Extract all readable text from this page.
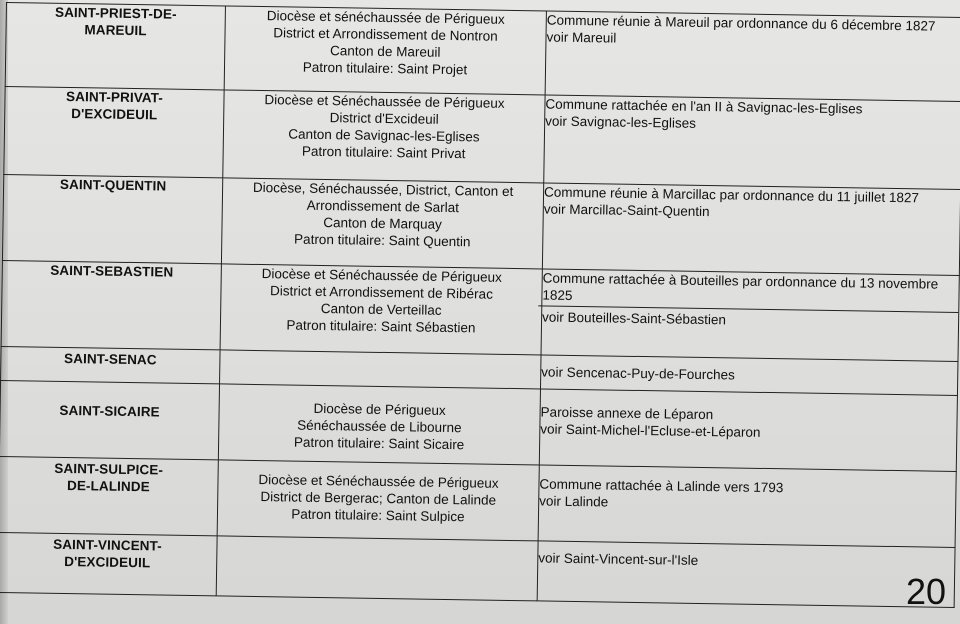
SAINT-PRIEST-DE-
MAREUIL	Diocèse et sénéchaussée de Périgueux
District et Arrondissement de Nontron
Canton de Mareuil
Patron titulaire: Saint Projet	Commune réunie à Mareuil par ordonnance du 6 décembre 1827
voir Mareuil

SAINT-PRIVAT-
D'EXCIDEUIL	Diocèse et Sénéchaussée de Périgueux
District d'Excideuil
Canton de Savignac-les-Eglises
Patron titulaire: Saint Privat	Commune rattachée en l'an II à Savignac-les-Eglises
voir Savignac-les-Eglises

SAINT-QUENTIN	Diocèse, Sénéchaussée, District, Canton et
Arrondissement de Sarlat
Canton de Marquay
Patron titulaire: Saint Quentin	Commune réunie à Marcillac par ordonnance du 11 juillet 1827
voir Marcillac-Saint-Quentin

SAINT-SEBASTIEN	Diocèse et Sénéchaussée de Périgueux
District et Arrondissement de Ribérac
Canton de Verteillac
Patron titulaire: Saint Sébastien	Commune rattachée à Bouteilles par ordonnance du 13 novembre
1825
voir Bouteilles-Saint-Sébastien

SAINT-SENAC		voir Sencenac-Puy-de-Fourches

SAINT-SICAIRE	Diocèse de Périgueux
Sénéchaussée de Libourne
Patron titulaire: Saint Sicaire	Paroisse annexe de Léparon
voir Saint-Michel-l'Ecluse-et-Léparon

SAINT-SULPICE-
DE-LALINDE	Diocèse et Sénéchaussée de Périgueux
District de Bergerac; Canton de Lalinde
Patron titulaire: Saint Sulpice	Commune rattachée à Lalinde vers 1793
voir Lalinde

SAINT-VINCENT-
D'EXCIDEUIL		voir Saint-Vincent-sur-l'Isle
20
